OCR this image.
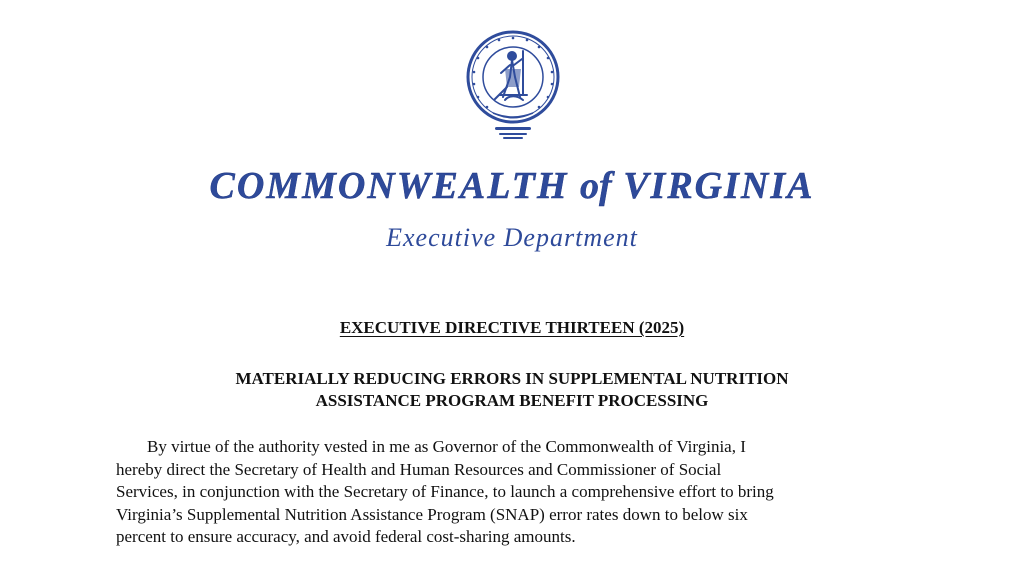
COMMONWEALTH of VIRGINIA
Executive Department
EXECUTIVE DIRECTIVE THIRTEEN (2025)
MATERIALLY REDUCING ERRORS IN SUPPLEMENTAL NUTRITION
ASSISTANCE PROGRAM BENEFIT PROCESSING
By virtue of the authority vested in me as Governor of the Commonwealth of Virginia, I
hereby direct the Secretary of Health and Human Resources and Commissioner of Social
Services, in conjunction with the Secretary of Finance, to launch a comprehensive effort to bring
Virginia’s Supplemental Nutrition Assistance Program (SNAP) error rates down to below six
percent to ensure accuracy, and avoid federal cost-sharing amounts.
